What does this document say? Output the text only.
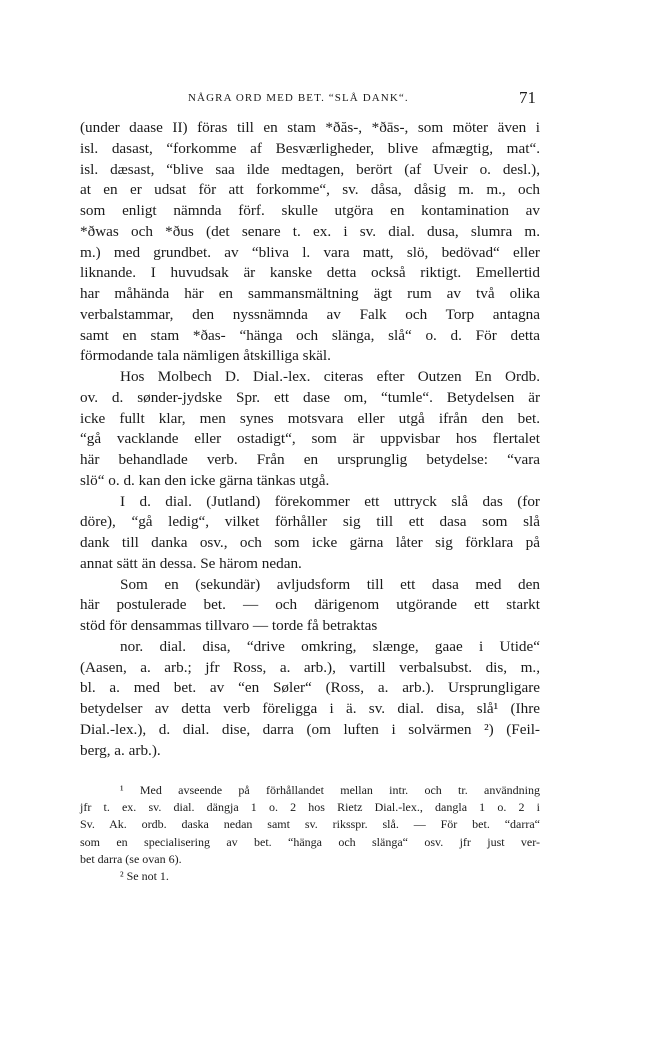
NÅGRA ORD MED BET. “SLÅ DANK“.	71
(under daase II) föras till en stam *ðăs-, *ðās-, som möter även i
isl. dasast, “forkomme af Besværligheder, blive afmægtig, mat“.
isl. dæsast, “blive saa ilde medtagen, berört (af Uveir o. desl.),
at en er udsat för att forkomme“, sv. dåsa, dåsig m. m., och
som enligt nämnda förf. skulle utgöra en kontamination av
*ðwas och *ðus (det senare t. ex. i sv. dial. dusa, slumra m.
m.) med grundbet. av “bliva l. vara matt, slö, bedövad“ eller
liknande. I huvudsak är kanske detta också riktigt. Emellertid
har måhända här en sammansmältning ägt rum av två olika
verbalstammar, den nyssnämnda av Falk och Torp antagna
samt en stam *ðas- “hänga och slänga, slå“ o. d. För detta
förmodande tala nämligen åtskilliga skäl.
Hos Molbech D. Dial.-lex. citeras efter Outzen En Ordb.
ov. d. sønder-jydske Spr. ett dase om, “tumle“. Betydelsen är
icke fullt klar, men synes motsvara eller utgå ifrån den bet.
“gå vacklande eller ostadigt“, som är uppvisbar hos flertalet
här behandlade verb. Från en ursprunglig betydelse: “vara
slö“ o. d. kan den icke gärna tänkas utgå.
I d. dial. (Jutland) förekommer ett uttryck slå das (for
döre), “gå ledig“, vilket förhåller sig till ett dasa som slå
dank till danka osv., och som icke gärna låter sig förklara på
annat sätt än dessa. Se härom nedan.
Som en (sekundär) avljudsform till ett dasa med den
här postulerade bet. — och därigenom utgörande ett starkt
stöd för densammas tillvaro — torde få betraktas
nor. dial. disa, “drive omkring, slænge, gaae i Utide“
(Aasen, a. arb.; jfr Ross, a. arb.), vartill verbalsubst. dis, m.,
bl. a. med bet. av “en Søler“ (Ross, a. arb.). Ursprungligare
betydelser av detta verb föreligga i ä. sv. dial. disa, slå¹ (Ihre
Dial.-lex.), d. dial. dise, darra (om luften i solvärmen ²) (Feil-
berg, a. arb.).
¹ Med avseende på förhållandet mellan intr. och tr. användning
jfr t. ex. sv. dial. dängja 1 o. 2 hos Rietz Dial.-lex., dangla 1 o. 2 i
Sv. Ak. ordb. daska nedan samt sv. riksspr. slå. — För bet. “darra“
som en specialisering av bet. “hänga och slänga“ osv. jfr just ver-
bet darra (se ovan 6).
² Se not 1.
